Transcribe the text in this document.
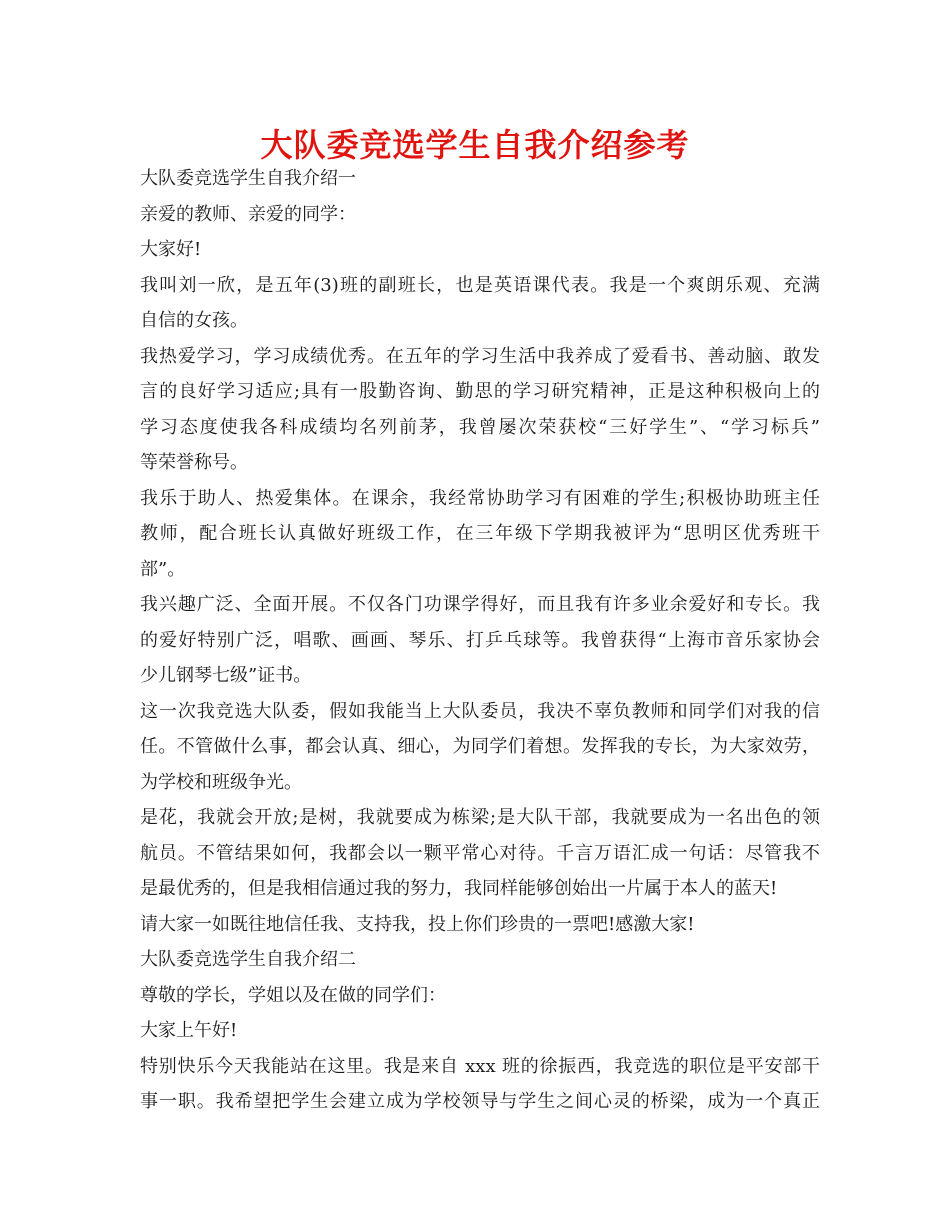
大队委竞选学生自我介绍参考
大队委竞选学生自我介绍一
亲爱的教师、亲爱的同学：
大家好!
我叫刘一欣，是五年(3)班的副班长，也是英语课代表。我是一个爽朗乐观、充满
自信的女孩。
我热爱学习，学习成绩优秀。在五年的学习生活中我养成了爱看书、善动脑、敢发
言的良好学习适应;具有一股勤咨询、勤思的学习研究精神，正是这种积极向上的
学习态度使我各科成绩均名列前茅，我曾屡次荣获校“三好学生”、“学习标兵”
等荣誉称号。
我乐于助人、热爱集体。在课余，我经常协助学习有困难的学生;积极协助班主任
教师，配合班长认真做好班级工作，在三年级下学期我被评为“思明区优秀班干
部”。
我兴趣广泛、全面开展。不仅各门功课学得好，而且我有许多业余爱好和专长。我
的爱好特别广泛，唱歌、画画、琴乐、打乒乓球等。我曾获得“上海市音乐家协会
少儿钢琴七级”证书。
这一次我竞选大队委，假如我能当上大队委员，我决不辜负教师和同学们对我的信
任。不管做什么事，都会认真、细心，为同学们着想。发挥我的专长，为大家效劳，
为学校和班级争光。
是花，我就会开放;是树，我就要成为栋梁;是大队干部，我就要成为一名出色的领
航员。不管结果如何，我都会以一颗平常心对待。千言万语汇成一句话：尽管我不
是最优秀的，但是我相信通过我的努力，我同样能够创始出一片属于本人的蓝天!
请大家一如既往地信任我、支持我，投上你们珍贵的一票吧!感激大家!
大队委竞选学生自我介绍二
尊敬的学长，学姐以及在做的同学们：
大家上午好!
特别快乐今天我能站在这里。我是来自 xxx 班的徐振西，我竞选的职位是平安部干
事一职。我希望把学生会建立成为学校领导与学生之间心灵的桥梁，成为一个真正
